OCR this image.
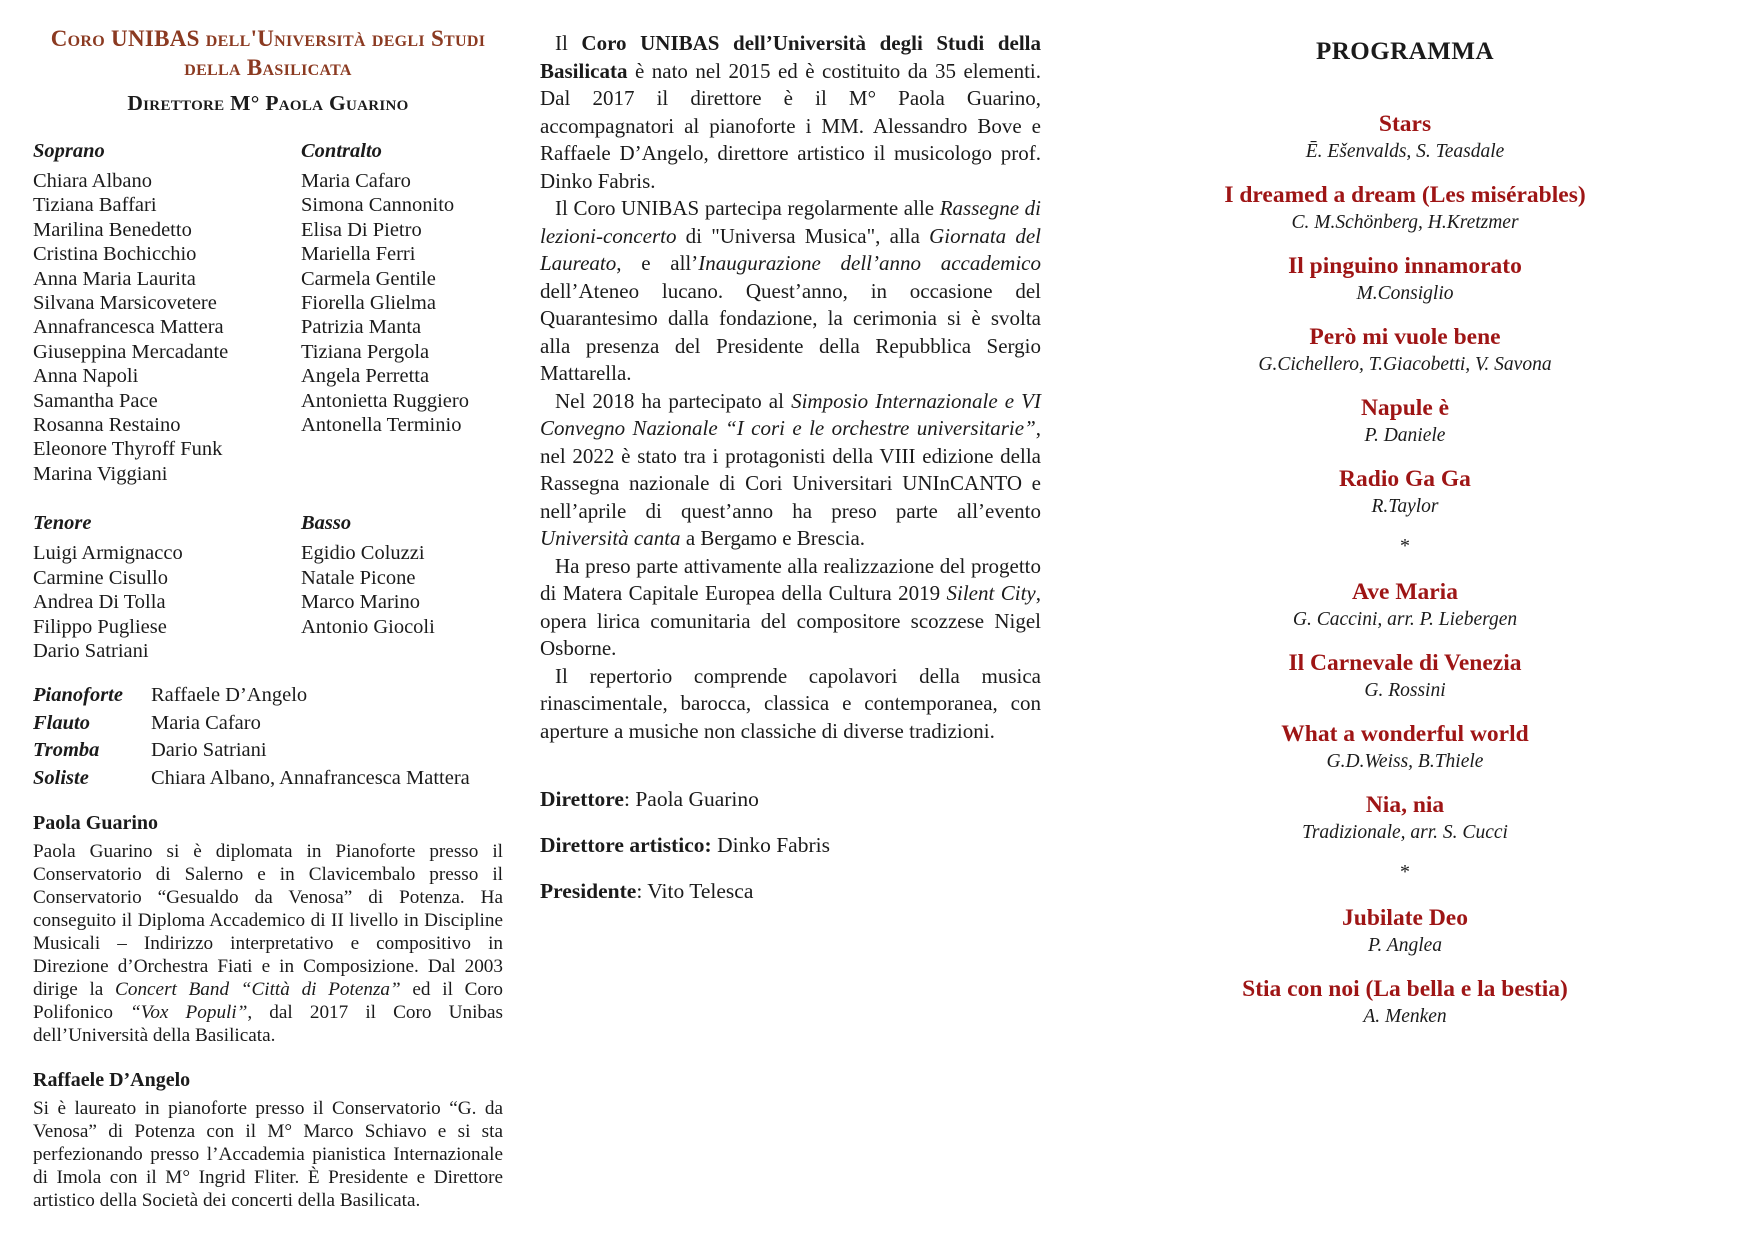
Coro UNIBAS dell'Università degli Studi
della Basilicata
Direttore M° Paola Guarino
Soprano
Chiara Albano
Tiziana Baffari
Marilina Benedetto
Cristina Bochicchio
Anna Maria Laurita
Silvana Marsicovetere
Annafrancesca Mattera
Giuseppina Mercadante
Anna Napoli
Samantha Pace
Rosanna Restaino
Eleonore Thyroff Funk
Marina Viggiani
Contralto
Maria Cafaro
Simona Cannonito
Elisa Di Pietro
Mariella Ferri
Carmela Gentile
Fiorella Glielma
Patrizia Manta
Tiziana Pergola
Angela Perretta
Antonietta Ruggiero
Antonella Terminio
Tenore
Luigi Armignacco
Carmine Cisullo
Andrea Di Tolla
Filippo Pugliese
Dario Satriani
Basso
Egidio Coluzzi
Natale Picone
Marco Marino
Antonio Giocoli
Pianoforte	Raffaele D’Angelo
Flauto	Maria Cafaro
Tromba	Dario Satriani
Soliste	Chiara Albano, Annafrancesca Mattera
Paola Guarino
Paola Guarino si è diplomata in Pianoforte presso il Conservatorio di Salerno e in Clavicembalo presso il Conservatorio “Gesualdo da Venosa” di Potenza. Ha conseguito il Diploma Accademico di II livello in Discipline Musicali – Indirizzo interpretativo e compositivo in Direzione d’Orchestra Fiati e in Composizione. Dal 2003 dirige la Concert Band “Città di Potenza” ed il Coro Polifonico “Vox Populi”, dal 2017 il Coro Unibas dell’Università della Basilicata.
Raffaele D’Angelo
Si è laureato in pianoforte presso il Conservatorio “G. da Venosa” di Potenza con il M° Marco Schiavo e si sta perfezionando presso l’Accademia pianistica Internazionale di Imola con il M° Ingrid Fliter. È Presidente e Direttore artistico della Società dei concerti della Basilicata.
Il Coro UNIBAS dell’Università degli Studi della Basilicata è nato nel 2015 ed è costituito da 35 elementi. Dal 2017 il direttore è il M° Paola Guarino, accompagnatori al pianoforte i MM. Alessandro Bove e Raffaele D’Angelo, direttore artistico il musicologo prof. Dinko Fabris.
Il Coro UNIBAS partecipa regolarmente alle Rassegne di lezioni-concerto di "Universa Musica", alla Giornata del Laureato, e all’Inaugurazione dell’anno accademico dell’Ateneo lucano. Quest’anno, in occasione del Quarantesimo dalla fondazione, la cerimonia si è svolta alla presenza del Presidente della Repubblica Sergio Mattarella.
Nel 2018 ha partecipato al Simposio Internazionale e VI Convegno Nazionale “I cori e le orchestre universitarie”, nel 2022 è stato tra i protagonisti della VIII edizione della Rassegna nazionale di Cori Universitari UNInCANTO e nell’aprile di quest’anno ha preso parte all’evento Università canta a Bergamo e Brescia.
Ha preso parte attivamente alla realizzazione del progetto di Matera Capitale Europea della Cultura 2019 Silent City, opera lirica comunitaria del compositore scozzese Nigel Osborne.
Il repertorio comprende capolavori della musica rinascimentale, barocca, classica e contemporanea, con aperture a musiche non classiche di diverse tradizioni.
Direttore: Paola Guarino
Direttore artistico: Dinko Fabris
Presidente: Vito Telesca
PROGRAMMA
Stars
Ē. Ešenvalds, S. Teasdale
I dreamed a dream (Les misérables)
C. M.Schönberg, H.Kretzmer
Il pinguino innamorato
M.Consiglio
Però mi vuole bene
G.Cichellero, T.Giacobetti, V. Savona
Napule è
P. Daniele
Radio Ga Ga
R.Taylor
*
Ave Maria
G. Caccini, arr. P. Liebergen
Il Carnevale di Venezia
G. Rossini
What a wonderful world
G.D.Weiss, B.Thiele
Nia, nia
Tradizionale, arr. S. Cucci
*
Jubilate Deo
P. Anglea
Stia con noi (La bella e la bestia)
A. Menken
